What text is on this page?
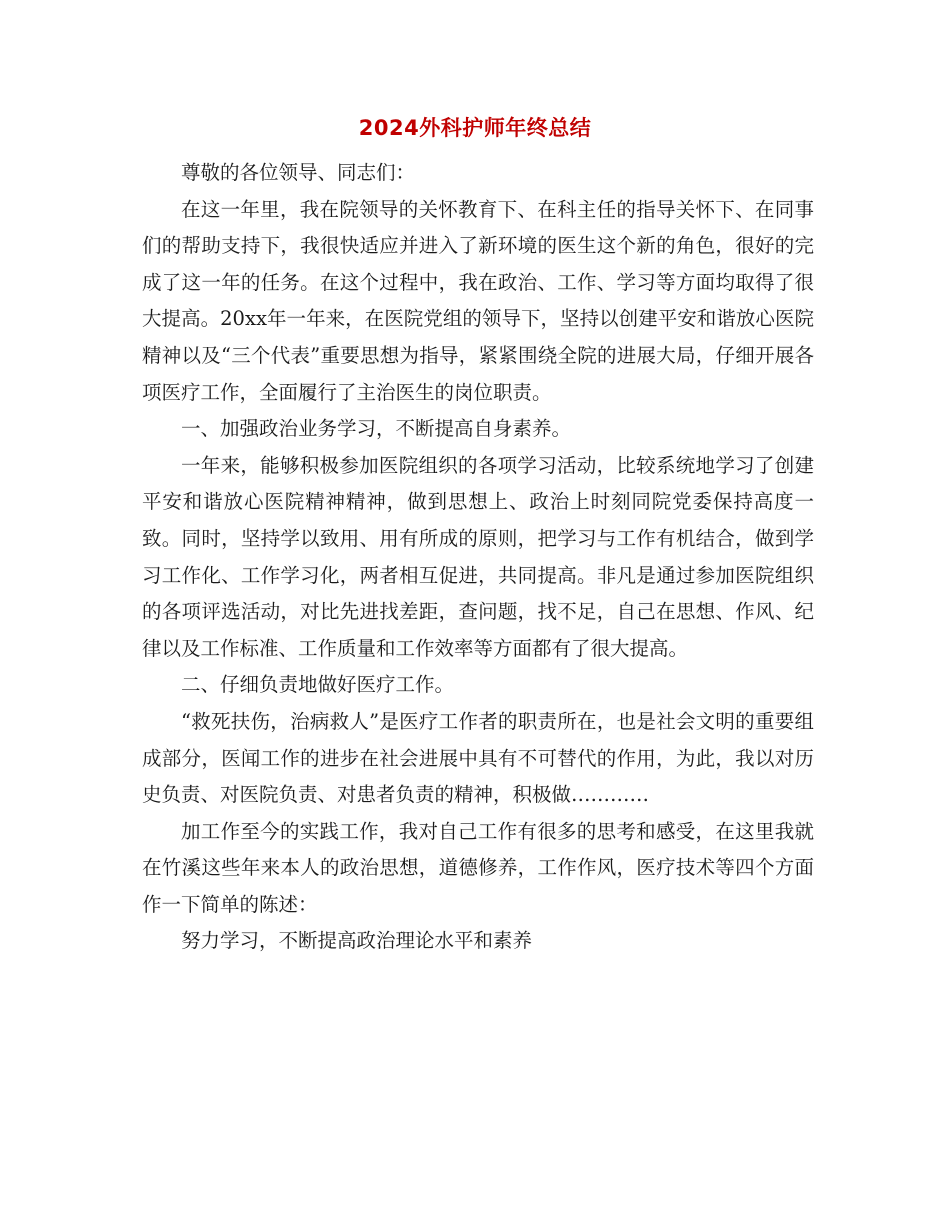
2024外科护师年终总结

尊敬的各位领导、同志们：

在这一年里，我在院领导的关怀教育下、在科主任的指导关怀下、在同事们的帮助支持下，我很快适应并进入了新环境的医生这个新的角色，很好的完成了这一年的任务。在这个过程中，我在政治、工作、学习等方面均取得了很大提高。20xx年一年来，在医院党组的领导下，坚持以创建平安和谐放心医院精神以及“三个代表”重要思想为指导，紧紧围绕全院的进展大局，仔细开展各项医疗工作，全面履行了主治医生的岗位职责。

一、加强政治业务学习，不断提高自身素养。

一年来，能够积极参加医院组织的各项学习活动，比较系统地学习了创建平安和谐放心医院精神精神，做到思想上、政治上时刻同院党委保持高度一致。同时，坚持学以致用、用有所成的原则，把学习与工作有机结合，做到学习工作化、工作学习化，两者相互促进，共同提高。非凡是通过参加医院组织的各项评选活动，对比先进找差距，查问题，找不足，自己在思想、作风、纪律以及工作标准、工作质量和工作效率等方面都有了很大提高。

二、仔细负责地做好医疗工作。

“救死扶伤，治病救人”是医疗工作者的职责所在，也是社会文明的重要组成部分，医闻工作的进步在社会进展中具有不可替代的作用，为此，我以对历史负责、对医院负责、对患者负责的精神，积极做…………

加工作至今的实践工作，我对自己工作有很多的思考和感受，在这里我就在竹溪这些年来本人的政治思想，道德修养，工作作风，医疗技术等四个方面作一下简单的陈述：

努力学习，不断提高政治理论水平和素养
